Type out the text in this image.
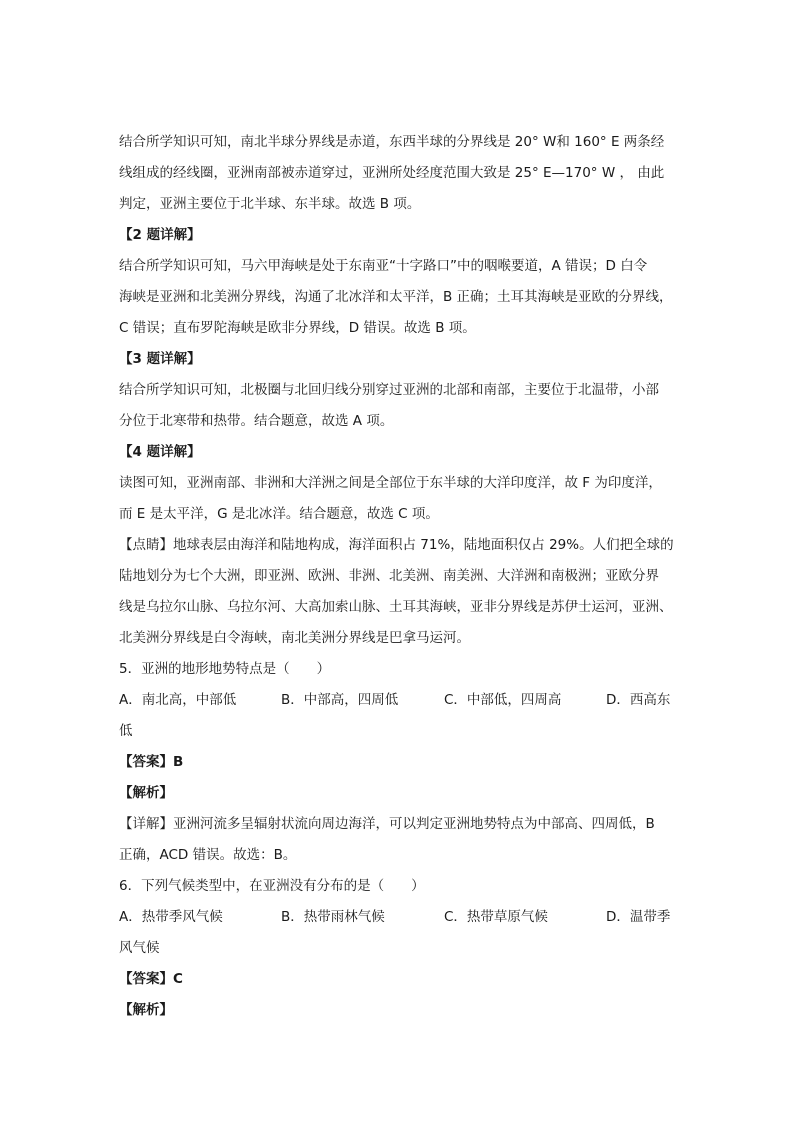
结合所学知识可知，南北半球分界线是赤道，东西半球的分界线是 20° W和 160° E 两条经
线组成的经线圈，亚洲南部被赤道穿过，亚洲所处经度范围大致是 25° E—170° W ， 由此
判定，亚洲主要位于北半球、东半球。故选 B 项。
【2 题详解】
结合所学知识可知，马六甲海峡是处于东南亚“十字路口”中的咽喉要道，A 错误；D 白令
海峡是亚洲和北美洲分界线，沟通了北冰洋和太平洋，B 正确；土耳其海峡是亚欧的分界线，
C 错误；直布罗陀海峡是欧非分界线，D 错误。故选 B 项。
【3 题详解】
结合所学知识可知，北极圈与北回归线分别穿过亚洲的北部和南部，主要位于北温带，小部
分位于北寒带和热带。结合题意，故选 A 项。
【4 题详解】
读图可知，亚洲南部、非洲和大洋洲之间是全部位于东半球的大洋印度洋，故 F 为印度洋，
而 E 是太平洋，G 是北冰洋。结合题意，故选 C 项。
【点睛】地球表层由海洋和陆地构成，海洋面积占 71%，陆地面积仅占 29%。人们把全球的
陆地划分为七个大洲，即亚洲、欧洲、非洲、北美洲、南美洲、大洋洲和南极洲；亚欧分界
线是乌拉尔山脉、乌拉尔河、大高加索山脉、土耳其海峡，亚非分界线是苏伊士运河，亚洲、
北美洲分界线是白令海峡，南北美洲分界线是巴拿马运河。
5．亚洲的地形地势特点是（　　）
A．南北高，中部低	B．中部高，四周低	C．中部低，四周高	D．西高东
低
【答案】B
【解析】
【详解】亚洲河流多呈辐射状流向周边海洋，可以判定亚洲地势特点为中部高、四周低，B
正确，ACD 错误。故选：B。
6．下列气候类型中，在亚洲没有分布的是（　　）
A．热带季风气候	B．热带雨林气候	C．热带草原气候	D．温带季
风气候
【答案】C
【解析】
